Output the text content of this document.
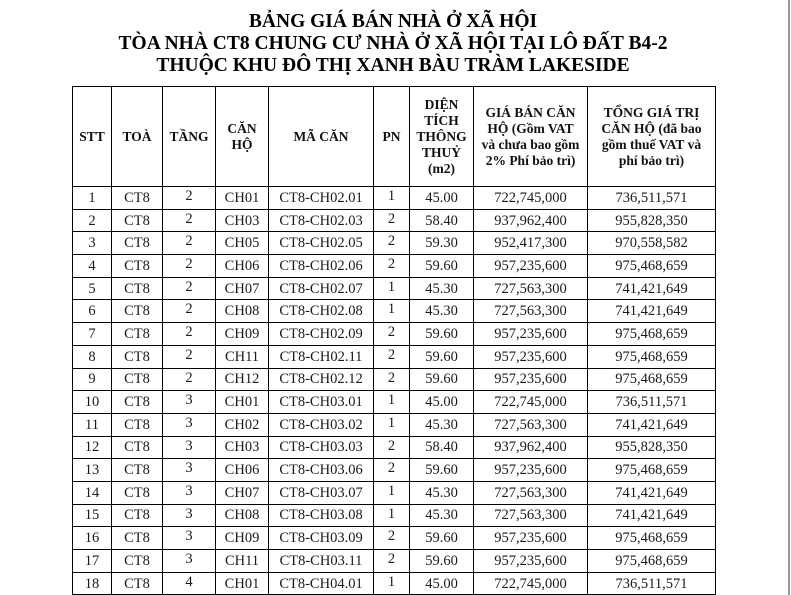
BẢNG GIÁ BÁN NHÀ Ở XÃ HỘI
TÒA NHÀ CT8 CHUNG CƯ NHÀ Ở XÃ HỘI TẠI LÔ ĐẤT B4-2
THUỘC KHU ĐÔ THỊ XANH BÀU TRÀM LAKESIDE
STT	TOÀ	TẦNG	CĂN HỘ	MÃ CĂN	PN	DIỆN TÍCH THÔNG THUỶ (m2)	GIÁ BÁN CĂN HỘ (Gồm VAT và chưa bao gồm 2% Phí bảo trì)	TỔNG GIÁ TRỊ CĂN HỘ (đã bao gồm thuế VAT và phí bảo trì)
1	CT8	2	CH01	CT8-CH02.01	1	45.00	722,745,000	736,511,571
2	CT8	2	CH03	CT8-CH02.03	2	58.40	937,962,400	955,828,350
3	CT8	2	CH05	CT8-CH02.05	2	59.30	952,417,300	970,558,582
4	CT8	2	CH06	CT8-CH02.06	2	59.60	957,235,600	975,468,659
5	CT8	2	CH07	CT8-CH02.07	1	45.30	727,563,300	741,421,649
6	CT8	2	CH08	CT8-CH02.08	1	45.30	727,563,300	741,421,649
7	CT8	2	CH09	CT8-CH02.09	2	59.60	957,235,600	975,468,659
8	CT8	2	CH11	CT8-CH02.11	2	59.60	957,235,600	975,468,659
9	CT8	2	CH12	CT8-CH02.12	2	59.60	957,235,600	975,468,659
10	CT8	3	CH01	CT8-CH03.01	1	45.00	722,745,000	736,511,571
11	CT8	3	CH02	CT8-CH03.02	1	45.30	727,563,300	741,421,649
12	CT8	3	CH03	CT8-CH03.03	2	58.40	937,962,400	955,828,350
13	CT8	3	CH06	CT8-CH03.06	2	59.60	957,235,600	975,468,659
14	CT8	3	CH07	CT8-CH03.07	1	45.30	727,563,300	741,421,649
15	CT8	3	CH08	CT8-CH03.08	1	45.30	727,563,300	741,421,649
16	CT8	3	CH09	CT8-CH03.09	2	59.60	957,235,600	975,468,659
17	CT8	3	CH11	CT8-CH03.11	2	59.60	957,235,600	975,468,659
18	CT8	4	CH01	CT8-CH04.01	1	45.00	722,745,000	736,511,571
